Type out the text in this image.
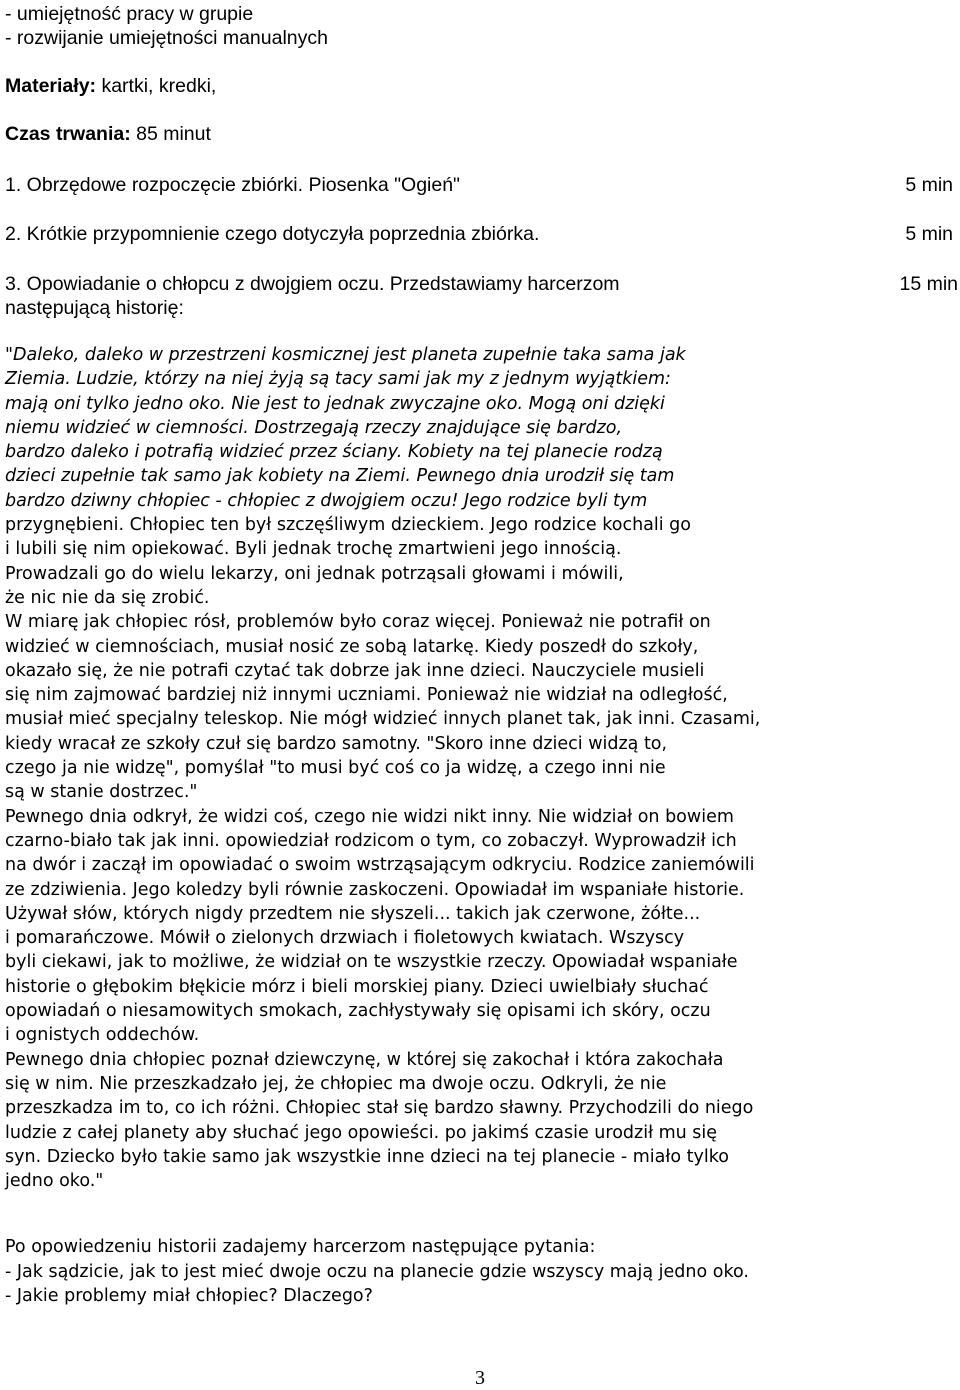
- umiejętność pracy w grupie
- rozwijanie umiejętności manualnych
Materiały: kartki, kredki,
Czas trwania: 85 minut
1. Obrzędowe rozpoczęcie zbiórki. Piosenka "Ogień"	5 min
2. Krótkie przypomnienie czego dotyczyła poprzednia zbiórka.	5 min
3. Opowiadanie o chłopcu z dwojgiem oczu. Przedstawiamy harcerzom
następującą historię:
15 min
"Daleko, daleko w przestrzeni kosmicznej jest planeta zupełnie taka sama jak
Ziemia. Ludzie, którzy na niej żyją są tacy sami jak my z jednym wyjątkiem:
mają oni tylko jedno oko. Nie jest to jednak zwyczajne oko. Mogą oni dzięki
niemu widzieć w ciemności. Dostrzegają rzeczy znajdujące się bardzo,
bardzo daleko i potrafią widzieć przez ściany. Kobiety na tej planecie rodzą
dzieci zupełnie tak samo jak kobiety na Ziemi. Pewnego dnia urodził się tam
bardzo dziwny chłopiec - chłopiec z dwojgiem oczu! Jego rodzice byli tym
przygnębieni. Chłopiec ten był szczęśliwym dzieckiem. Jego rodzice kochali go
i lubili się nim opiekować. Byli jednak trochę zmartwieni jego innością.
Prowadzali go do wielu lekarzy, oni jednak potrząsali głowami i mówili,
że nic nie da się zrobić.
W miarę jak chłopiec rósł, problemów było coraz więcej. Ponieważ nie potrafił on
widzieć w ciemnościach, musiał nosić ze sobą latarkę. Kiedy poszedł do szkoły,
okazało się, że nie potrafi czytać tak dobrze jak inne dzieci. Nauczyciele musieli
się nim zajmować bardziej niż innymi uczniami. Ponieważ nie widział na odległość,
musiał mieć specjalny teleskop. Nie mógł widzieć innych planet tak, jak inni. Czasami,
kiedy wracał ze szkoły czuł się bardzo samotny. "Skoro inne dzieci widzą to,
czego ja nie widzę", pomyślał "to musi być coś co ja widzę, a czego inni nie
są w stanie dostrzec."
Pewnego dnia odkrył, że widzi coś, czego nie widzi nikt inny. Nie widział on bowiem
czarno-biało tak jak inni. opowiedział rodzicom o tym, co zobaczył. Wyprowadził ich
na dwór i zaczął im opowiadać o swoim wstrząsającym odkryciu. Rodzice zaniemówili
ze zdziwienia. Jego koledzy byli równie zaskoczeni. Opowiadał im wspaniałe historie.
Używał słów, których nigdy przedtem nie słyszeli... takich jak czerwone, żółte...
i pomarańczowe. Mówił o zielonych drzwiach i fioletowych kwiatach. Wszyscy
byli ciekawi, jak to możliwe, że widział on te wszystkie rzeczy. Opowiadał wspaniałe
historie o głębokim błękicie mórz i bieli morskiej piany. Dzieci uwielbiały słuchać
opowiadań o niesamowitych smokach, zachłystywały się opisami ich skóry, oczu
i ognistych oddechów.
Pewnego dnia chłopiec poznał dziewczynę, w której się zakochał i która zakochała
się w nim. Nie przeszkadzało jej, że chłopiec ma dwoje oczu. Odkryli, że nie
przeszkadza im to, co ich różni. Chłopiec stał się bardzo sławny. Przychodzili do niego
ludzie z całej planety aby słuchać jego opowieści. po jakimś czasie urodził mu się
syn. Dziecko było takie samo jak wszystkie inne dzieci na tej planecie - miało tylko
jedno oko."
Po opowiedzeniu historii zadajemy harcerzom następujące pytania:
- Jak sądzicie, jak to jest mieć dwoje oczu na planecie gdzie wszyscy mają jedno oko.
- Jakie problemy miał chłopiec? Dlaczego?
3
